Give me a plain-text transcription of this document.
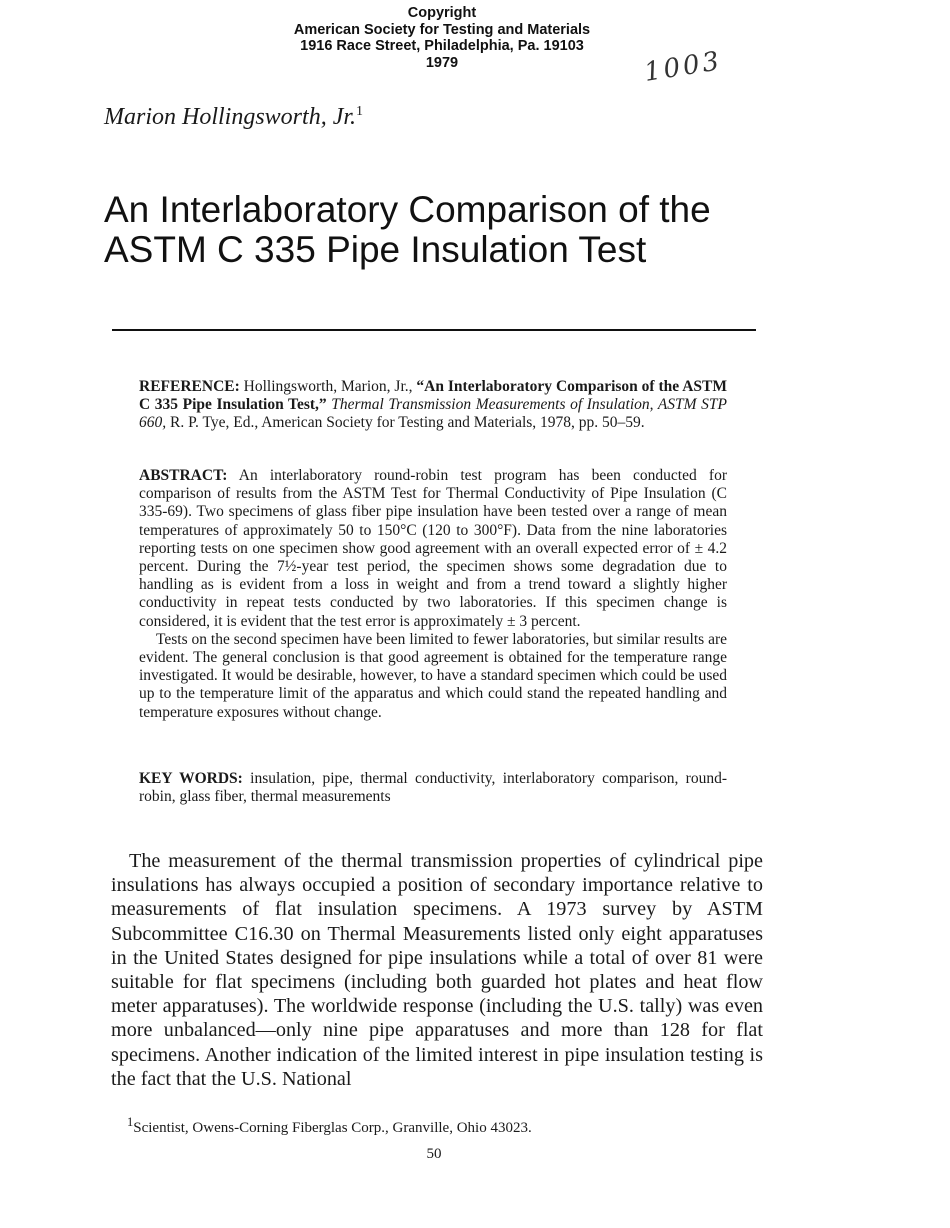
Copyright
American Society for Testing and Materials
1916 Race Street, Philadelphia, Pa. 19103
1979	1003
Marion Hollingsworth, Jr.$^1$
An Interlaboratory Comparison of the
ASTM C 335 Pipe Insulation Test
REFERENCE: Hollingsworth, Marion, Jr., “An Interlaboratory Comparison of the ASTM C 335 Pipe Insulation Test,” Thermal Transmission Measurements of Insulation, ASTM STP 660, R. P. Tye, Ed., American Society for Testing and Materials, 1978, pp. 50–59.

ABSTRACT: An interlaboratory round-robin test program has been conducted for comparison of results from the ASTM Test for Thermal Conductivity of Pipe Insulation (C 335-69). Two specimens of glass fiber pipe insulation have been tested over a range of mean temperatures of approximately 50 to 150°C (120 to 300°F). Data from the nine laboratories reporting tests on one specimen show good agreement with an overall expected error of ± 4.2 percent. During the 7½-year test period, the specimen shows some degradation due to handling as is evident from a loss in weight and from a trend toward a slightly higher conductivity in repeat tests conducted by two laboratories. If this specimen change is considered, it is evident that the test error is approximately ± 3 percent.

Tests on the second specimen have been limited to fewer laboratories, but similar results are evident. The general conclusion is that good agreement is obtained for the temperature range investigated. It would be desirable, however, to have a standard specimen which could be used up to the temperature limit of the apparatus and which could stand the repeated handling and temperature exposures without change.

KEY WORDS: insulation, pipe, thermal conductivity, interlaboratory comparison, round-robin, glass fiber, thermal measurements

The measurement of the thermal transmission properties of cylindrical pipe insulations has always occupied a position of secondary importance relative to measurements of flat insulation specimens. A 1973 survey by ASTM Subcommittee C16.30 on Thermal Measurements listed only eight apparatuses in the United States designed for pipe insulations while a total of over 81 were suitable for flat specimens (including both guarded hot plates and heat flow meter apparatuses). The worldwide response (including the U.S. tally) was even more unbalanced—only nine pipe apparatuses and more than 128 for flat specimens. Another indication of the limited interest in pipe insulation testing is the fact that the U.S. National

$^1$Scientist, Owens-Corning Fiberglas Corp., Granville, Ohio 43023.
50
